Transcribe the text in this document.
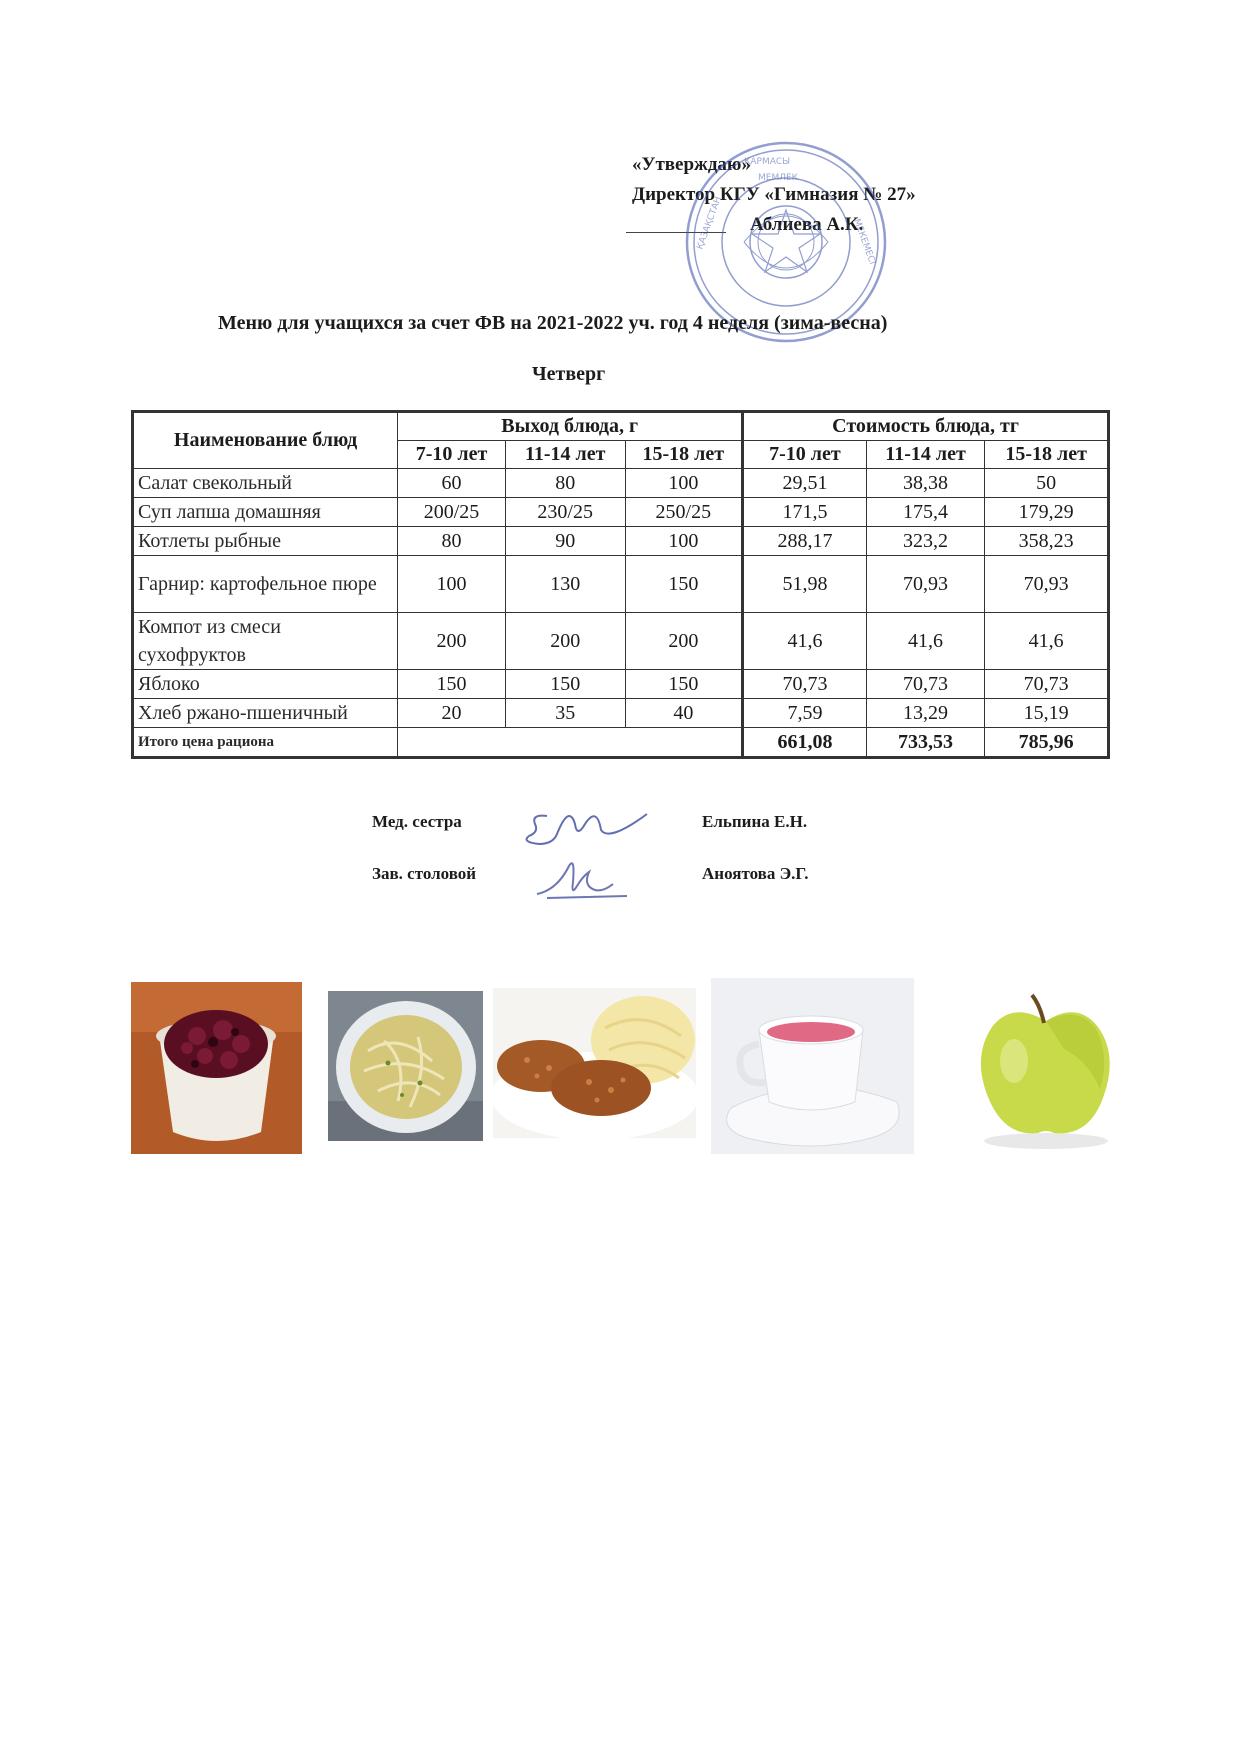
«Утверждаю»
Директор КГУ «Гимназия № 27»
Аблиева А.К.
ҚАРМАСЫ
МЕМЛЕК
ҚАЗАҚСТАН	МЕКЕМЕСІ
Меню для учащихся за счет ФВ на 2021-2022 уч. год 4 неделя (зима-весна)
Четверг
Наименование блюд	Выход блюда, г			Стоимость блюда, тг		
	7-10 лет	11-14 лет	15-18 лет	7-10 лет	11-14 лет	15-18 лет
Салат свекольный	60	80	100	29,51	38,38	50
Суп лапша домашняя	200/25	230/25	250/25	171,5	175,4	179,29
Котлеты рыбные	80	90	100	288,17	323,2	358,23
Гарнир: картофельное пюре	100	130	150	51,98	70,93	70,93
Компот из смеси сухофруктов	200	200	200	41,6	41,6	41,6
Яблоко	150	150	150	70,73	70,73	70,73
Хлеб ржано-пшеничный	20	35	40	7,59	13,29	15,19
Итого цена рациона				661,08	733,53	785,96
Мед. сестра	Ельпина Е.Н.
Зав. столовой	Аноятова Э.Г.
